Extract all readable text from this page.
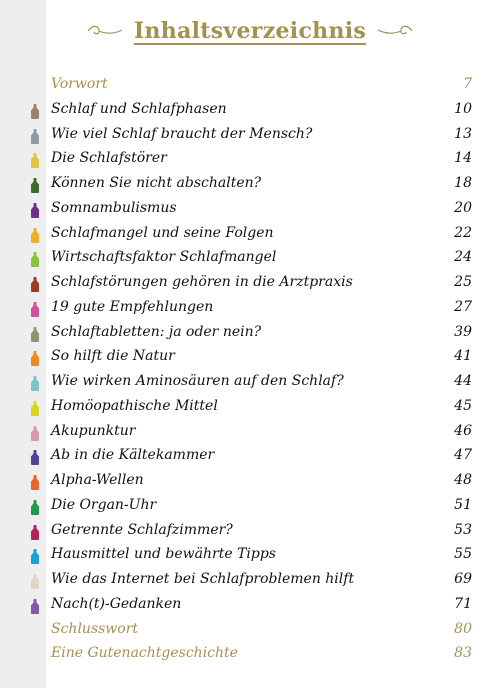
Inhaltsverzeichnis
Vorwort	7
Schlaf und Schlafphasen	10
Wie viel Schlaf braucht der Mensch?	13
Die Schlafstörer	14
Können Sie nicht abschalten?	18
Somnambulismus	20
Schlafmangel und seine Folgen	22
Wirtschaftsfaktor Schlafmangel	24
Schlafstörungen gehören in die Arztpraxis	25
19 gute Empfehlungen	27
Schlaftabletten: ja oder nein?	39
So hilft die Natur	41
Wie wirken Aminosäuren auf den Schlaf?	44
Homöopathische Mittel	45
Akupunktur	46
Ab in die Kältekammer	47
Alpha-Wellen	48
Die Organ-Uhr	51
Getrennte Schlafzimmer?	53
Hausmittel und bewährte Tipps	55
Wie das Internet bei Schlafproblemen hilft	69
Nach(t)-Gedanken	71
Schlusswort	80
Eine Gutenachtgeschichte	83
